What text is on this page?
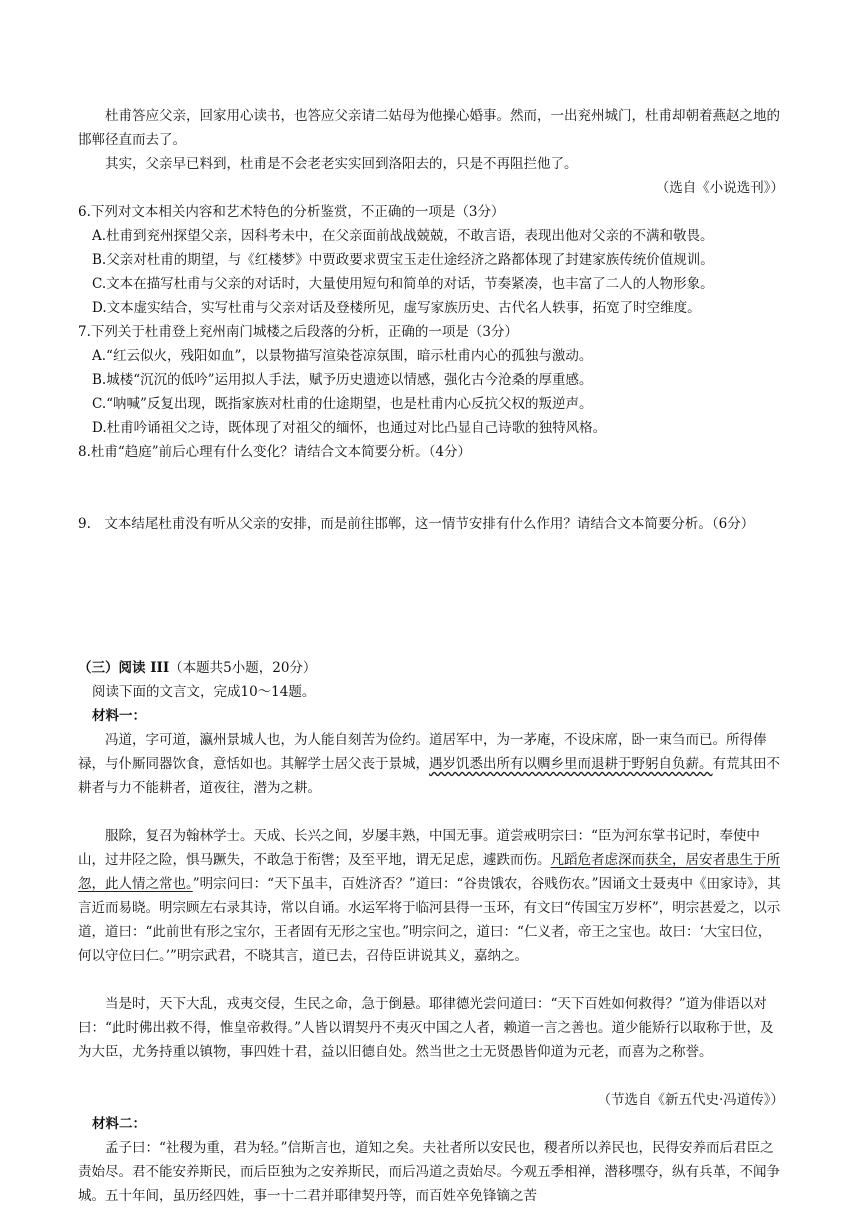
杜甫答应父亲，回家用心读书，也答应父亲请二姑母为他操心婚事。然而，一出兖州城门，杜甫却朝着燕赵之地的邯郸径直而去了。

其实，父亲早已料到，杜甫是不会老老实实回到洛阳去的，只是不再阻拦他了。

（选自《小说选刊》）

6.下列对文本相关内容和艺术特色的分析鉴赏，不正确的一项是（3分）

A.杜甫到兖州探望父亲，因科考未中，在父亲面前战战兢兢，不敢言语，表现出他对父亲的不满和敬畏。

B.父亲对杜甫的期望，与《红楼梦》中贾政要求贾宝玉走仕途经济之路都体现了封建家族传统价值规训。

C.文本在描写杜甫与父亲的对话时，大量使用短句和简单的对话，节奏紧凑，也丰富了二人的人物形象。

D.文本虚实结合，实写杜甫与父亲对话及登楼所见，虚写家族历史、古代名人轶事，拓宽了时空维度。

7.下列关于杜甫登上兖州南门城楼之后段落的分析，正确的一项是（3分）

A.“红云似火，残阳如血”，以景物描写渲染苍凉氛围，暗示杜甫内心的孤独与激动。

B.城楼“沉沉的低吟”运用拟人手法，赋予历史遗迹以情感，强化古今沧桑的厚重感。

C.“呐喊”反复出现，既指家族对杜甫的仕途期望，也是杜甫内心反抗父权的叛逆声。

D.杜甫吟诵祖父之诗，既体现了对祖父的缅怀，也通过对比凸显自己诗歌的独特风格。

8.杜甫“趋庭”前后心理有什么变化？请结合文本简要分析。（4分）

9.　文本结尾杜甫没有听从父亲的安排，而是前往邯郸，这一情节安排有什么作用？请结合文本简要分析。（6分）

（三）阅读 III（本题共5小题，20分）

阅读下面的文言文，完成10～14题。

材料一：

冯道，字可道，瀛州景城人也，为人能自刻苦为俭约。道居军中，为一茅庵，不设床席，卧一束刍而已。所得俸禄，与仆厮同器饮食，意恬如也。其解学士居父丧于景城，遇岁饥悉出所有以赒乡里而退耕于野躬自负薪。有荒其田不耕者与力不能耕者，道夜往，潜为之耕。

服除，复召为翰林学士。天成、长兴之间，岁屡丰熟，中国无事。道尝戒明宗曰：“臣为河东掌书记时，奉使中山，过井陉之险，惧马蹶失，不敢急于衔辔；及至平地，谓无足虑，遽跌而伤。凡蹈危者虑深而获全，居安者患生于所忽，此人情之常也。”明宗问曰：“天下虽丰，百姓济否？”道曰：“谷贵饿农，谷贱伤农。”因诵文士聂夷中《田家诗》，其言近而易晓。明宗顾左右录其诗，常以自诵。水运军将于临河县得一玉环，有文曰“传国宝万岁杯”，明宗甚爱之，以示道，道曰：“此前世有形之宝尔，王者固有无形之宝也。”明宗问之，道曰：“仁义者，帝王之宝也。故曰：‘大宝曰位，何以守位曰仁。’”明宗武君，不晓其言，道已去，召侍臣讲说其义，嘉纳之。

当是时，天下大乱，戎夷交侵，生民之命，急于倒悬。耶律德光尝问道曰：“天下百姓如何救得？”道为俳语以对曰：“此时佛出救不得，惟皇帝救得。”人皆以谓契丹不夷灭中国之人者，赖道一言之善也。道少能矫行以取称于世，及为大臣，尤务持重以镇物，事四姓十君，益以旧德自处。然当世之士无贤愚皆仰道为元老，而喜为之称誉。

（节选自《新五代史·冯道传》）

材料二：

孟子曰：“社稷为重，君为轻。”信斯言也，道知之矣。夫社者所以安民也，稷者所以养民也，民得安养而后君臣之责始尽。君不能安养斯民，而后臣独为之安养斯民，而后冯道之责始尽。今观五季相禅，潜移嘿夺，纵有兵革，不闻争城。五十年间，虽历经四姓，事一十二君并耶律契丹等，而百姓卒免锋镝之苦
